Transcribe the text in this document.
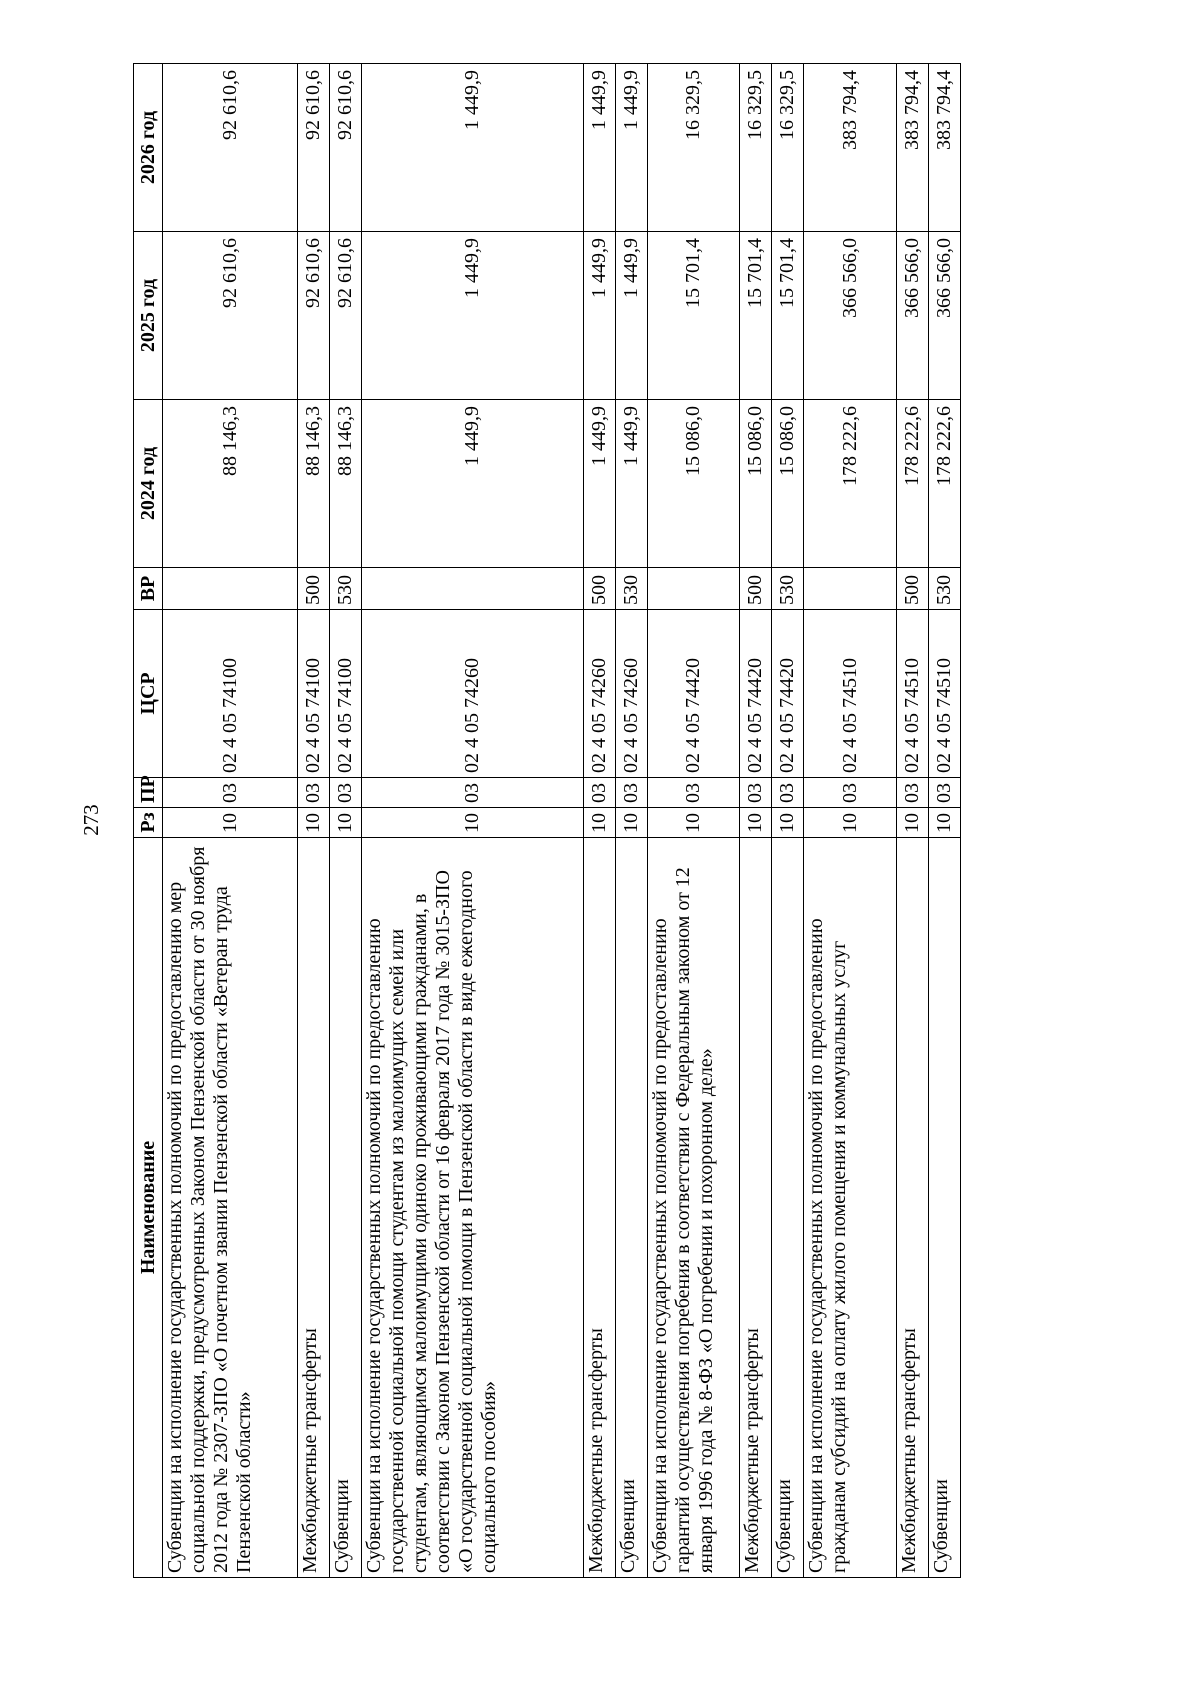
273
Наименование	Рз	ПР	ЦСР	ВР	2024 год	2025 год	2026 год
Субвенции на исполнение государственных полномочий по предоставлению мер социальной поддержки, предусмотренных Законом Пензенской области от 30 ноября 2012 года № 2307-ЗПО «О почетном звании Пензенской области «Ветеран труда Пензенской области»	10	03	02 4 05 74100		88 146,3	92 610,6	92 610,6
Межбюджетные трансферты	10	03	02 4 05 74100	500	88 146,3	92 610,6	92 610,6
Субвенции	10	03	02 4 05 74100	530	88 146,3	92 610,6	92 610,6
Субвенции на исполнение государственных полномочий по предоставлению государственной социальной помощи студентам из малоимущих семей или студентам, являющимся малоимущими одиноко проживающими гражданами, в соответствии с Законом Пензенской области от 16 февраля 2017 года № 3015-ЗПО «О государственной социальной помощи в Пензенской области в виде ежегодного социального пособия»	10	03	02 4 05 74260		1 449,9	1 449,9	1 449,9
Межбюджетные трансферты	10	03	02 4 05 74260	500	1 449,9	1 449,9	1 449,9
Субвенции	10	03	02 4 05 74260	530	1 449,9	1 449,9	1 449,9
Субвенции на исполнение государственных полномочий по предоставлению гарантий осуществления погребения в соответствии с Федеральным законом от 12 января 1996 года № 8-ФЗ «О погребении и похоронном деле»	10	03	02 4 05 74420		15 086,0	15 701,4	16 329,5
Межбюджетные трансферты	10	03	02 4 05 74420	500	15 086,0	15 701,4	16 329,5
Субвенции	10	03	02 4 05 74420	530	15 086,0	15 701,4	16 329,5
Субвенции на исполнение государственных полномочий по предоставлению гражданам субсидий на оплату жилого помещения и коммунальных услуг	10	03	02 4 05 74510		178 222,6	366 566,0	383 794,4
Межбюджетные трансферты	10	03	02 4 05 74510	500	178 222,6	366 566,0	383 794,4
Субвенции	10	03	02 4 05 74510	530	178 222,6	366 566,0	383 794,4
